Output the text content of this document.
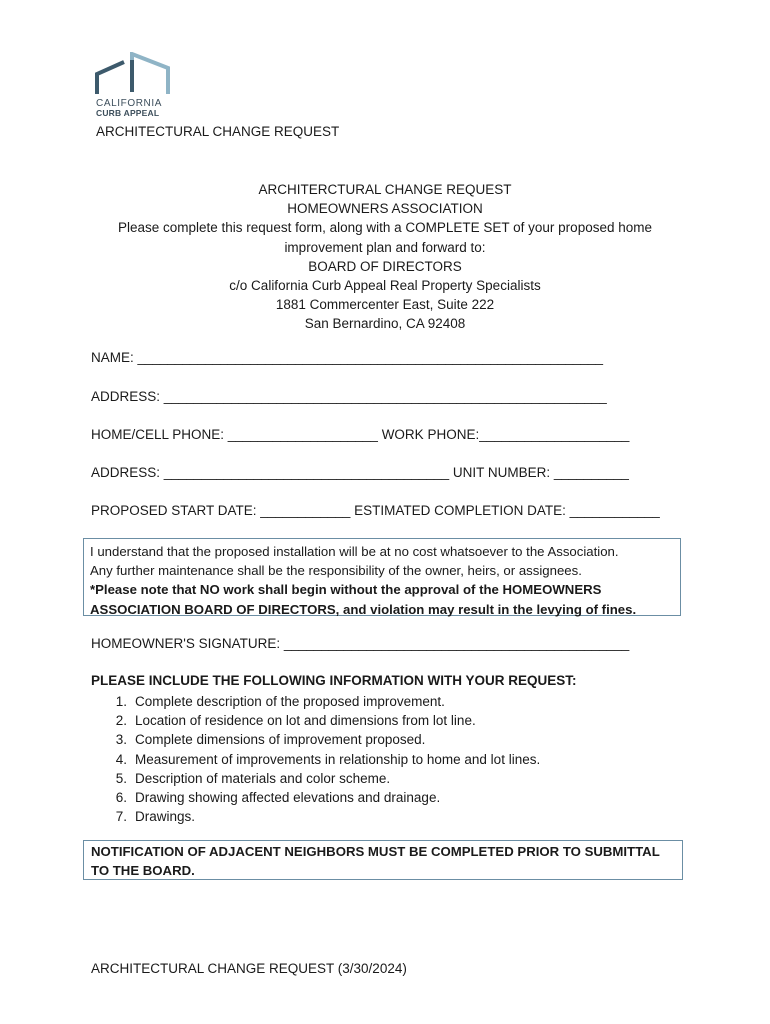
CALIFORNIA
CURB APPEAL
ARCHITECTURAL CHANGE REQUEST
ARCHITERCTURAL CHANGE REQUEST
HOMEOWNERS ASSOCIATION
Please complete this request form, along with a COMPLETE SET of your proposed home
improvement plan and forward to:
BOARD OF DIRECTORS
c/o California Curb Appeal Real Property Specialists
1881 Commercenter East, Suite 222
San Bernardino, CA 92408
NAME: ______________________________________________________________
ADDRESS: ___________________________________________________________
HOME/CELL PHONE: ____________________ WORK PHONE:____________________
ADDRESS: ______________________________________ UNIT NUMBER: __________
PROPOSED START DATE: ____________ ESTIMATED COMPLETION DATE: ____________
I understand that the proposed installation will be at no cost whatsoever to the Association.
Any further maintenance shall be the responsibility of the owner, heirs, or assignees.
*Please note that NO work shall begin without the approval of the HOMEOWNERS
ASSOCIATION BOARD OF DIRECTORS, and violation may result in the levying of fines.
HOMEOWNER'S SIGNATURE: ______________________________________________
PLEASE INCLUDE THE FOLLOWING INFORMATION WITH YOUR REQUEST:
1. Complete description of the proposed improvement.
2. Location of residence on lot and dimensions from lot line.
3. Complete dimensions of improvement proposed.
4. Measurement of improvements in relationship to home and lot lines.
5. Description of materials and color scheme.
6. Drawing showing affected elevations and drainage.
7. Drawings.
NOTIFICATION OF ADJACENT NEIGHBORS MUST BE COMPLETED PRIOR TO SUBMITTAL
TO THE BOARD.
ARCHITECTURAL CHANGE REQUEST (3/30/2024)
